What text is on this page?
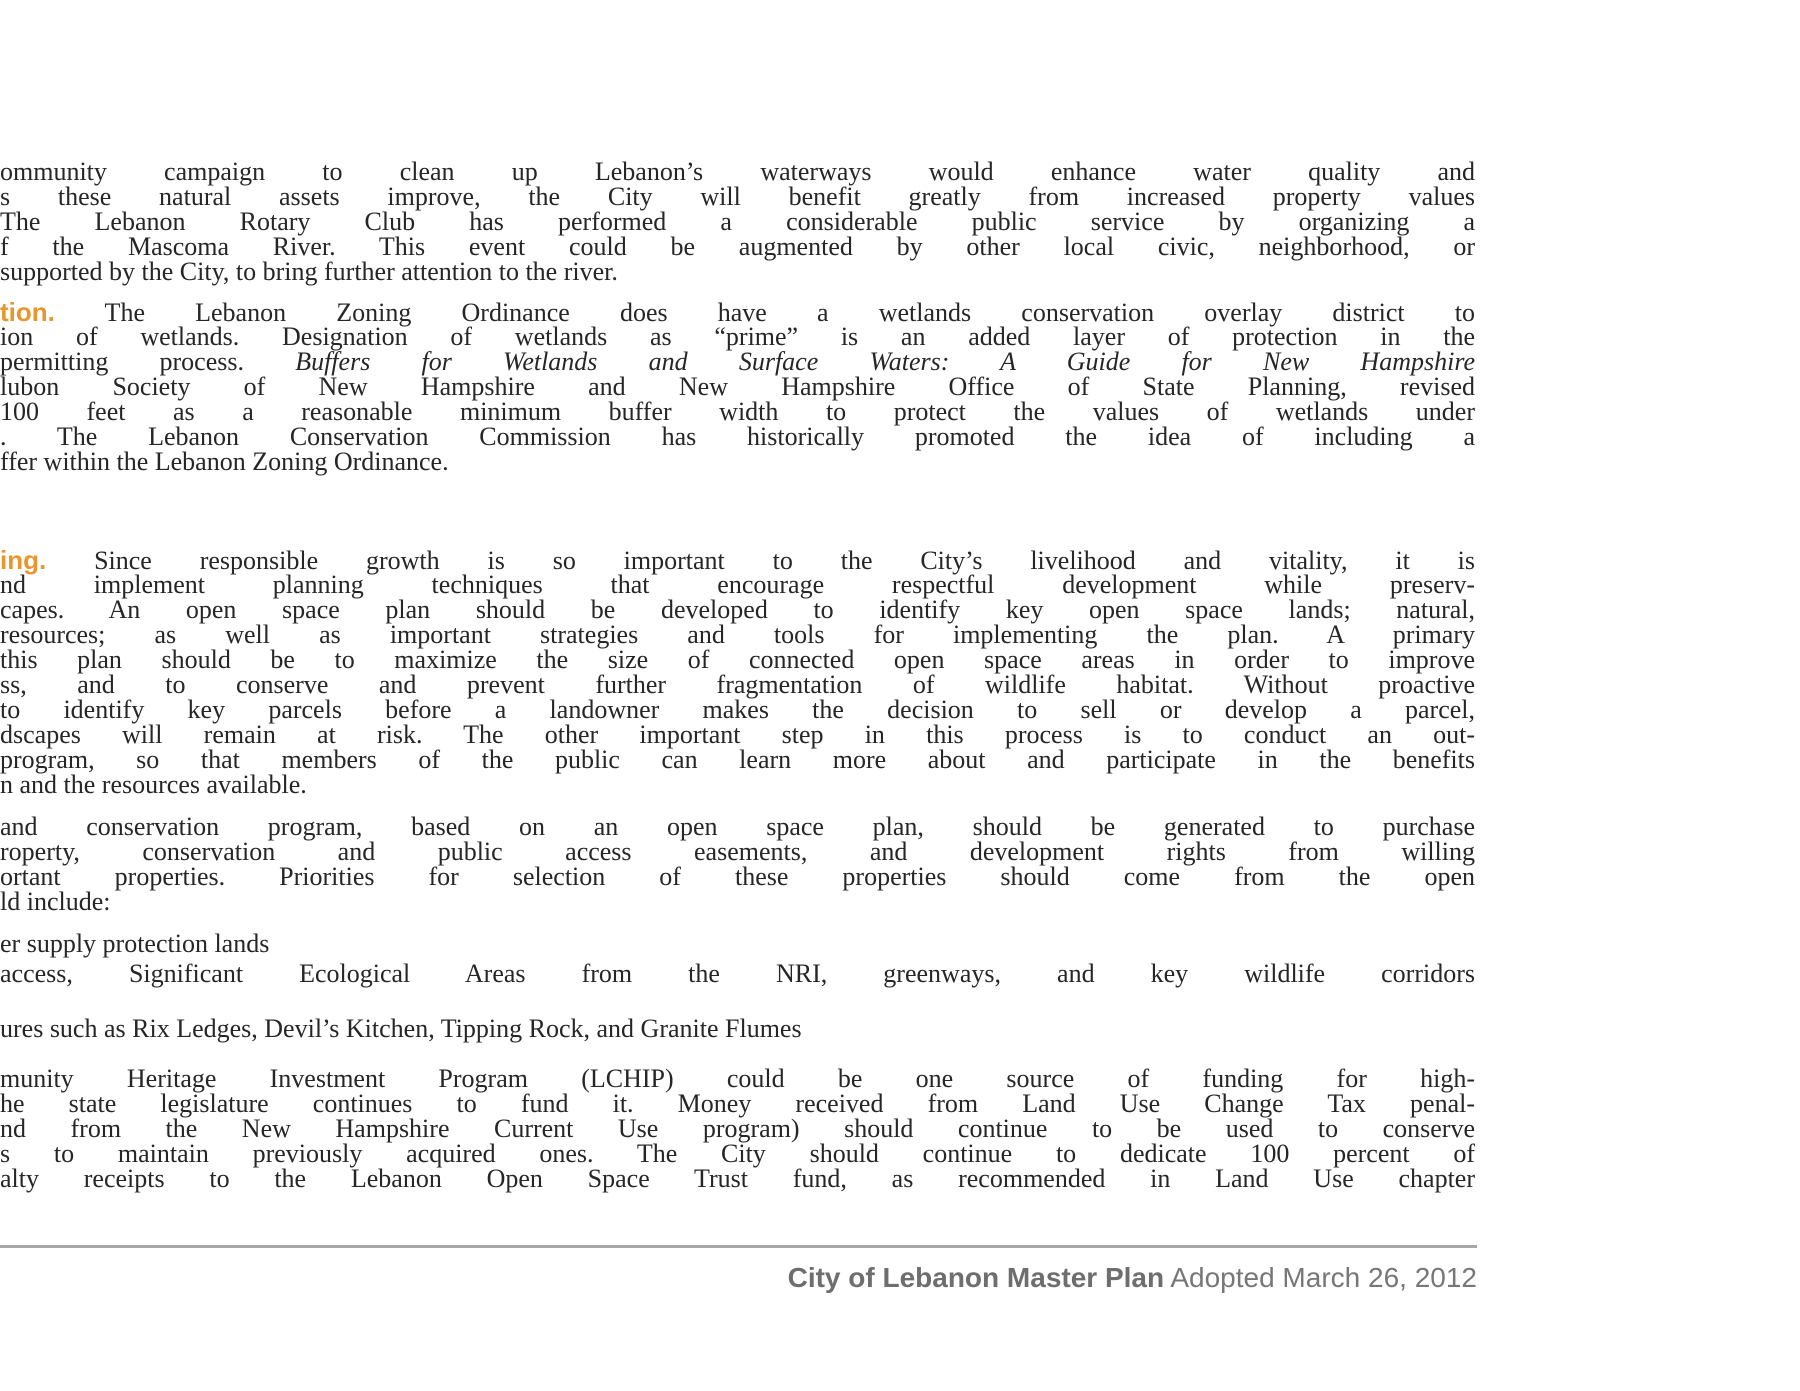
ommunity campaign to clean up Lebanon’s waterways would enhance water quality and
s these natural assets improve, the City will benefit greatly from increased property values
The Lebanon Rotary Club has performed a considerable public service by organizing a
f the Mascoma River. This event could be augmented by other local civic, neighborhood, or
supported by the City, to bring further attention to the river.
tion. The Lebanon Zoning Ordinance does have a wetlands conservation overlay district to
ion of wetlands. Designation of wetlands as “prime” is an added layer of protection in the
permitting process. Buffers for Wetlands and Surface Waters: A Guide for New Hampshire
lubon Society of New Hampshire and New Hampshire Office of State Planning, revised
100 feet as a reasonable minimum buffer width to protect the values of wetlands under
. The Lebanon Conservation Commission has historically promoted the idea of including a
ffer within the Lebanon Zoning Ordinance.
ing. Since responsible growth is so important to the City’s livelihood and vitality, it is
nd implement planning techniques that encourage respectful development while preserv-
capes. An open space plan should be developed to identify key open space lands; natural,
resources; as well as important strategies and tools for implementing the plan. A primary
this plan should be to maximize the size of connected open space areas in order to improve
ss, and to conserve and prevent further fragmentation of wildlife habitat. Without proactive
to identify key parcels before a landowner makes the decision to sell or develop a parcel,
dscapes will remain at risk. The other important step in this process is to conduct an out-
program, so that members of the public can learn more about and participate in the benefits
n and the resources available.
and conservation program, based on an open space plan, should be generated to purchase
roperty, conservation and public access easements, and development rights from willing
ortant properties. Priorities for selection of these properties should come from the open
ld include:
er supply protection lands
access, Significant Ecological Areas from the NRI, greenways, and key wildlife corridors
ures such as Rix Ledges, Devil’s Kitchen, Tipping Rock, and Granite Flumes
munity Heritage Investment Program (LCHIP) could be one source of funding for high-
he state legislature continues to fund it. Money received from Land Use Change Tax penal-
nd from the New Hampshire Current Use program) should continue to be used to conserve
s to maintain previously acquired ones. The City should continue to dedicate 100 percent of
alty receipts to the Lebanon Open Space Trust fund, as recommended in Land Use chapter
City of Lebanon Master Plan Adopted March 26, 2012
